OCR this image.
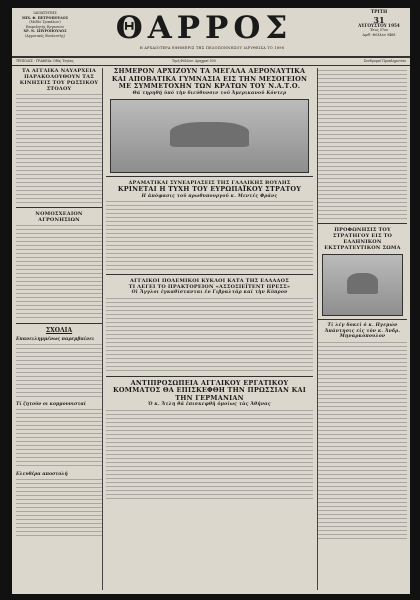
ΙΔΙΟΚΤΗΤΗΣ
ΜΙΧ. Φ. ΠΕΤΡΟΠΟΥΛΟΣ
(Μεδίο Τρικάλων)
Επιμελητής Εργασιών
ΧΡ. Ν. ΣΠΥΡΟΠΟΥΛΟΣ
(Αγροτικός Βουλευτής)	ΘΑΡΡΟΣ
Η ΑΡΧΑΙΟΤΕΡΑ ΕΦΗΜΕΡΙΣ ΤΗΣ ΠΕΛΟΠΟΝΝΗΣΟΥ ΙΔΡΥΘΕΙΣΑ ΤΟ 1898
ΤΡΙΤΗ
31
ΑΥΓΟΥΣΤΟΥ 1954
Έτος 57ον
Αριθ. Φύλλου 9468
ΤΡΙΠΟΛΙΣ - ΓΡΑΦΕΙΑ: Οδός Τεγέας	Τιμή Φύλλου: Δραχμαί 500	Συνδρομαί Προπληρωτέαι
ΤΑ ΑΓΓΛΙΚΑ ΝΑΥΑΡΧΕΙΑ ΠΑΡΑΚΟΛΟΥΘΟΥΝ ΤΑΣ ΚΙΝΗΣΕΙΣ ΤΟΥ ΡΩΣΣΙΚΟΥ ΣΤΟΛΟΥ
ΝΟΜΟΣΧΕΔΙΟΝ ΑΓΡΟΝΗΣΙΩΝ
ΣΧΟΛΙΑ
Επανειλημμένως παρεμβαίνει
Τί ζητούν οι κομμουνισταί
Ελευθέρα αποστολή
ΣΗΜΕΡΟΝ ΑΡΧΙΖΟΥΝ ΤΑ ΜΕΓΑΛΑ ΑΕΡΟΝΑΥΤΙΚΑ ΚΑΙ ΑΠΟΒΑΤΙΚΑ ΓΥΜΝΑΣΙΑ ΕΙΣ ΤΗΝ ΜΕΣΟΓΕΙΟΝ ΜΕ ΣΥΜΜΕΤΟΧΗΝ ΤΩΝ ΚΡΑΤΩΝ ΤΟΥ Ν.Α.Τ.Ο.
Θά τηρηθή ὑπό τὴν διεύθυνσιν τοῦ Ἀμερικανοῦ Κόντερ
ΔΡΑΜΑΤΙΚΑΙ ΣΥΝΕΔΡΙΑΣΕΙΣ ΤΗΣ ΓΑΛΛΙΚΗΣ ΒΟΥΛΗΣ
ΚΡΙΝΕΤΑΙ Η ΤΥΧΗ ΤΟΥ ΕΥΡΩΠΑΪΚΟΥ ΣΤΡΑΤΟΥ
Η ἀπόφασις τοῦ πρωθυπουργοῦ κ. Μεντές Φράνς
ΑΓΓΛΙΚΟΙ ΠΟΛΕΜΙΚΟΙ ΚΥΚΛΟΙ ΚΑΤΑ ΤΗΣ ΕΛΛΑΔΟΣ
ΤΙ ΛΕΓΕΙ ΤΟ ΠΡΑΚΤΟΡΕΙΟΝ «ΑΣΣΟΣΙΕΪΤΕΝΤ ΠΡΕΣΣ»
Οἱ Ἄγγλοι ἐγκαθίστανται ἐν Γιβραλτάρ καί τὴν Κύπρον
ΑΝΤΙΠΡΟΣΩΠΕΙΑ ΑΓΓΛΙΚΟΥ ΕΡΓΑΤΙΚΟΥ ΚΟΜΜΑΤΟΣ ΘΑ ΕΠΙΣΚΕΦΘΗ ΤΗΝ ΠΡΩΣΣΙΑΝ ΚΑΙ ΤΗΝ ΓΕΡΜΑΝΙΑΝ
Ὁ κ. Ἄτλη θά ἐπισκεφθῆ ὁμοίως τὰς Ἀθήνας
ΠΡΟΦΩΝΗΣΙΣ ΤΟΥ ΣΤΡΑΤΗΓΟΥ ΕΙΣ ΤΟ ΕΛΛΗΝΙΚΟΝ ΕΚΣΤΡΑΤΕΥΤΙΚΟΝ ΣΩΜΑ
Τί λέγ δοκεῖ ὁ κ. Ηγεμών
Ἀπάντησις εἰς τὸν κ. Ἀνδρ. Μηναρκόπουλον
